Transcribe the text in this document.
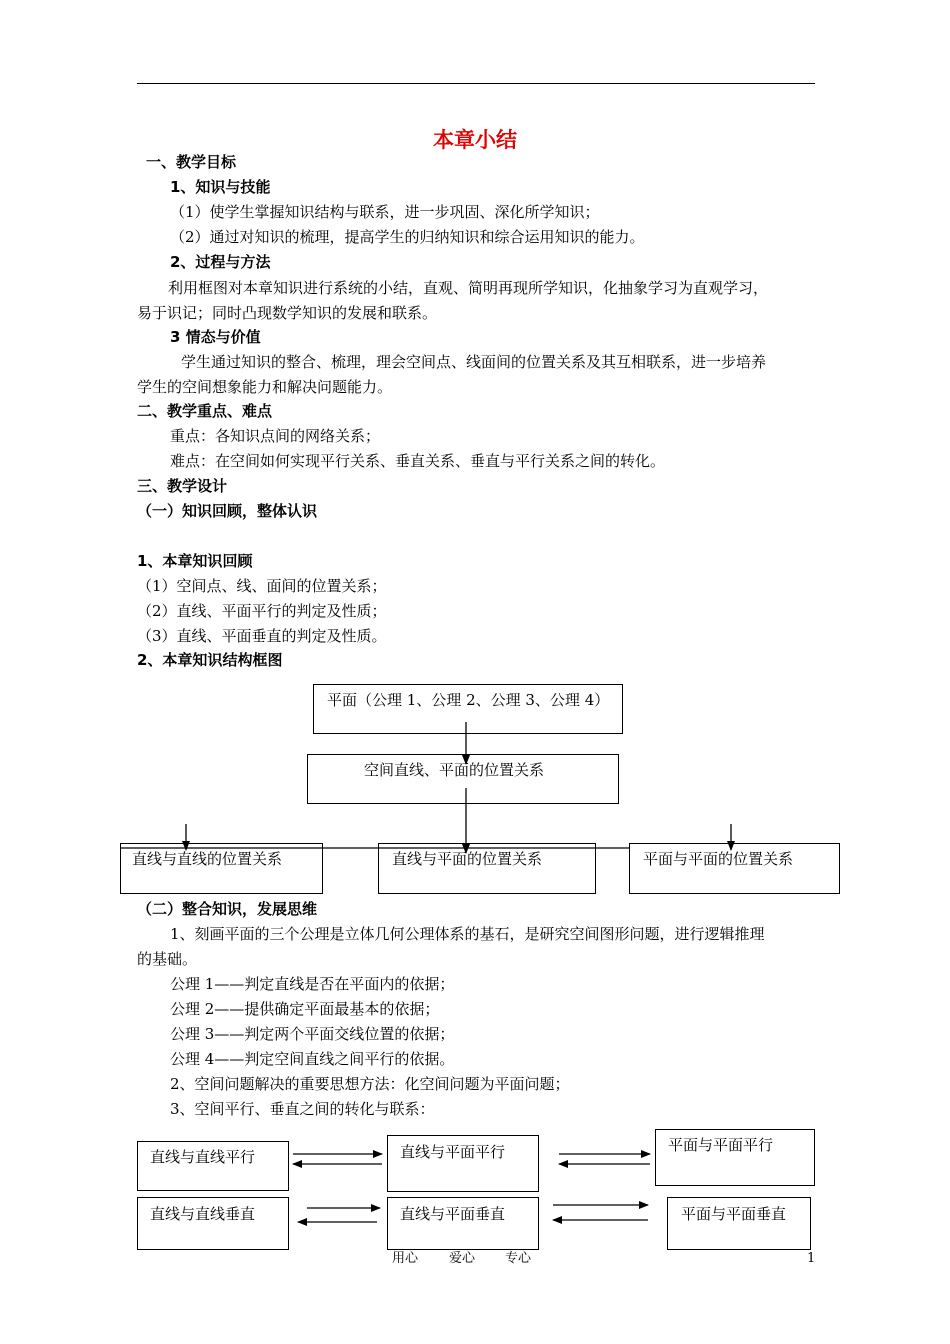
本章小结
一、教学目标
1、知识与技能
（1）使学生掌握知识结构与联系，进一步巩固、深化所学知识；
（2）通过对知识的梳理，提高学生的归纳知识和综合运用知识的能力。
2、过程与方法
利用框图对本章知识进行系统的小结，直观、简明再现所学知识，化抽象学习为直观学习，
易于识记；同时凸现数学知识的发展和联系。
3 情态与价值
学生通过知识的整合、梳理，理会空间点、线面间的位置关系及其互相联系，进一步培养
学生的空间想象能力和解决问题能力。
二、教学重点、难点
重点：各知识点间的网络关系；
难点：在空间如何实现平行关系、垂直关系、垂直与平行关系之间的转化。
三、教学设计
（一）知识回顾，整体认识
1、本章知识回顾
（1）空间点、线、面间的位置关系；
（2）直线、平面平行的判定及性质；
（3）直线、平面垂直的判定及性质。
2、本章知识结构框图
平面（公理 1、公理 2、公理 3、公理 4）
空间直线、平面的位置关系
直线与直线的位置关系	直线与平面的位置关系	平面与平面的位置关系
（二）整合知识，发展思维
1、刻画平面的三个公理是立体几何公理体系的基石，是研究空间图形问题，进行逻辑推理
的基础。
公理 1——判定直线是否在平面内的依据；
公理 2——提供确定平面最基本的依据；
公理 3——判定两个平面交线位置的依据；
公理 4——判定空间直线之间平行的依据。
2、空间问题解决的重要思想方法：化空间问题为平面问题；
3、空间平行、垂直之间的转化与联系：
直线与直线平行	直线与平面平行	平面与平面平行
直线与直线垂直	直线与平面垂直	平面与平面垂直
用心 爱心 专心	1
